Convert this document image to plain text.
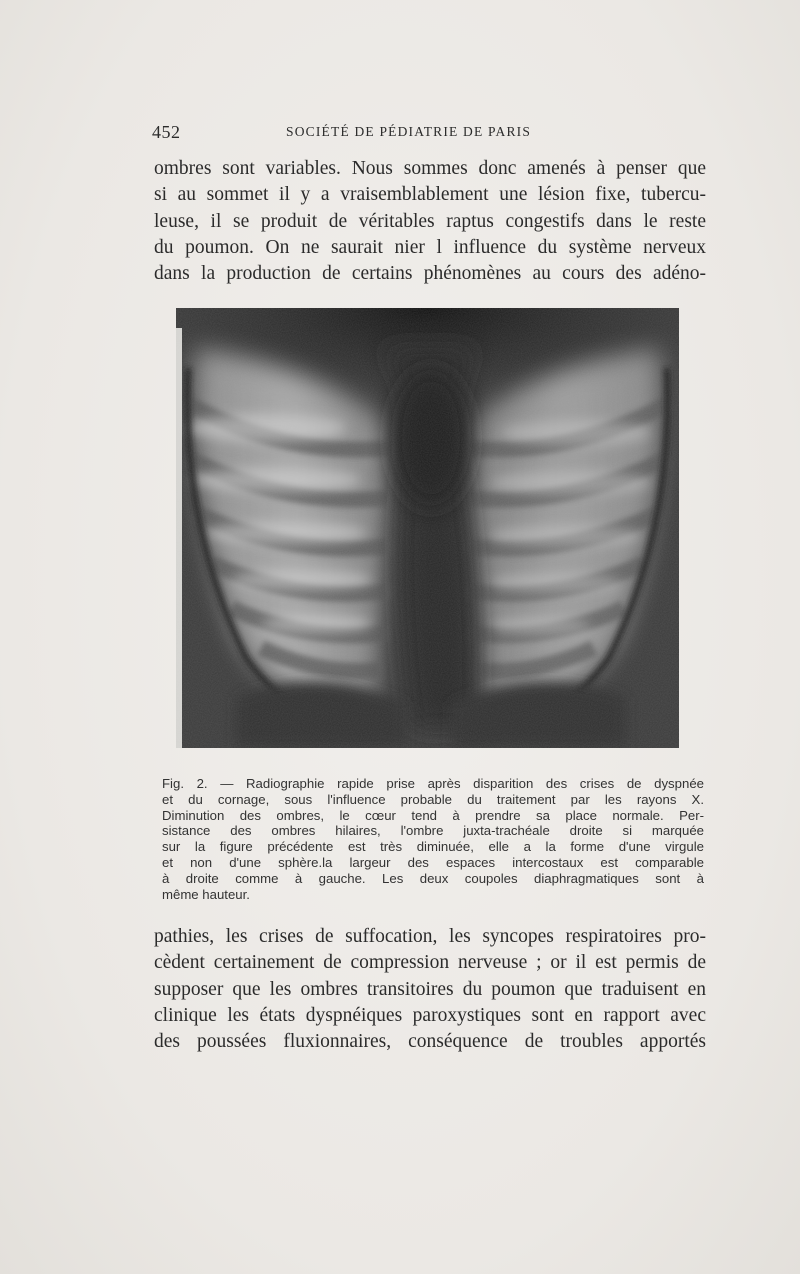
452	SOCIÉTÉ DE PÉDIATRIE DE PARIS

ombres sont variables. Nous sommes donc amenés à penser que
si au sommet il y a vraisemblablement une lésion fixe, tubercu-
leuse, il se produit de véritables raptus congestifs dans le reste
du poumon. On ne saurait nier l influence du système nerveux
dans la production de certains phénomènes au cours des adéno-

Fig. 2. — Radiographie rapide prise après disparition des crises de dyspnée
et du cornage, sous l'influence probable du traitement par les rayons X.
Diminution des ombres, le cœur tend à prendre sa place normale. Per-
sistance des ombres hilaires, l'ombre juxta-trachéale droite si marquée
sur la figure précédente est très diminuée, elle a la forme d'une virgule
et non d'une sphère.la largeur des espaces intercostaux est comparable
à droite comme à gauche. Les deux coupoles diaphragmatiques sont à
même hauteur.

pathies, les crises de suffocation, les syncopes respiratoires pro-
cèdent certainement de compression nerveuse ; or il est permis de
supposer que les ombres transitoires du poumon que traduisent en
clinique les états dyspnéiques paroxystiques sont en rapport avec
des poussées fluxionnaires, conséquence de troubles apportés
